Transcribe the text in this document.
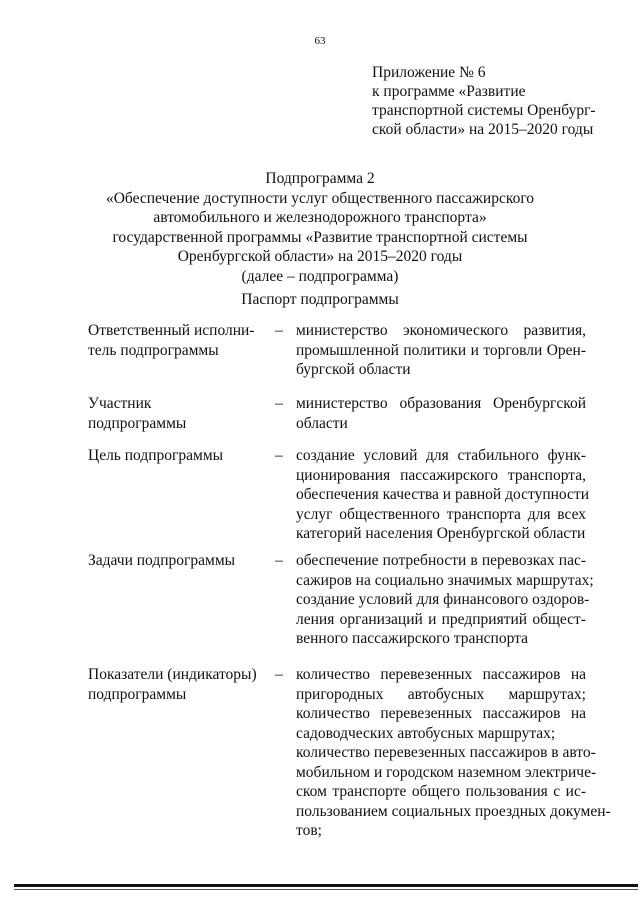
63
Приложение № 6
к программе «Развитие
транспортной системы Оренбург-
ской области» на 2015–2020 годы
Подпрограмма 2
«Обеспечение доступности услуг общественного пассажирского
автомобильного и железнодорожного транспорта»
государственной программы «Развитие транспортной системы
Оренбургской области» на 2015–2020 годы
(далее – подпрограмма)
Паспорт подпрограммы
Ответственный исполни-
тель подпрограммы
– министерство экономического развития,
промышленной политики и торговли Орен-
бургской области
Участник
подпрограммы
– министерство образования Оренбургской
области
Цель подпрограммы	– создание условий для стабильного функ-
ционирования пассажирского транспорта,
обеспечения качества и равной доступности
услуг общественного транспорта для всех
категорий населения Оренбургской области
Задачи подпрограммы	– обеспечение потребности в перевозках пас-
сажиров на социально значимых маршрутах;
создание условий для финансового оздоров-
ления организаций и предприятий общест-
венного пассажирского транспорта
Показатели (индикаторы)
подпрограммы
– количество перевезенных пассажиров на
пригородных автобусных маршрутах;
количество перевезенных пассажиров на
садоводческих автобусных маршрутах;
количество перевезенных пассажиров в авто-
мобильном и городском наземном электриче-
ском транспорте общего пользования с ис-
пользованием социальных проездных докумен-
тов;
